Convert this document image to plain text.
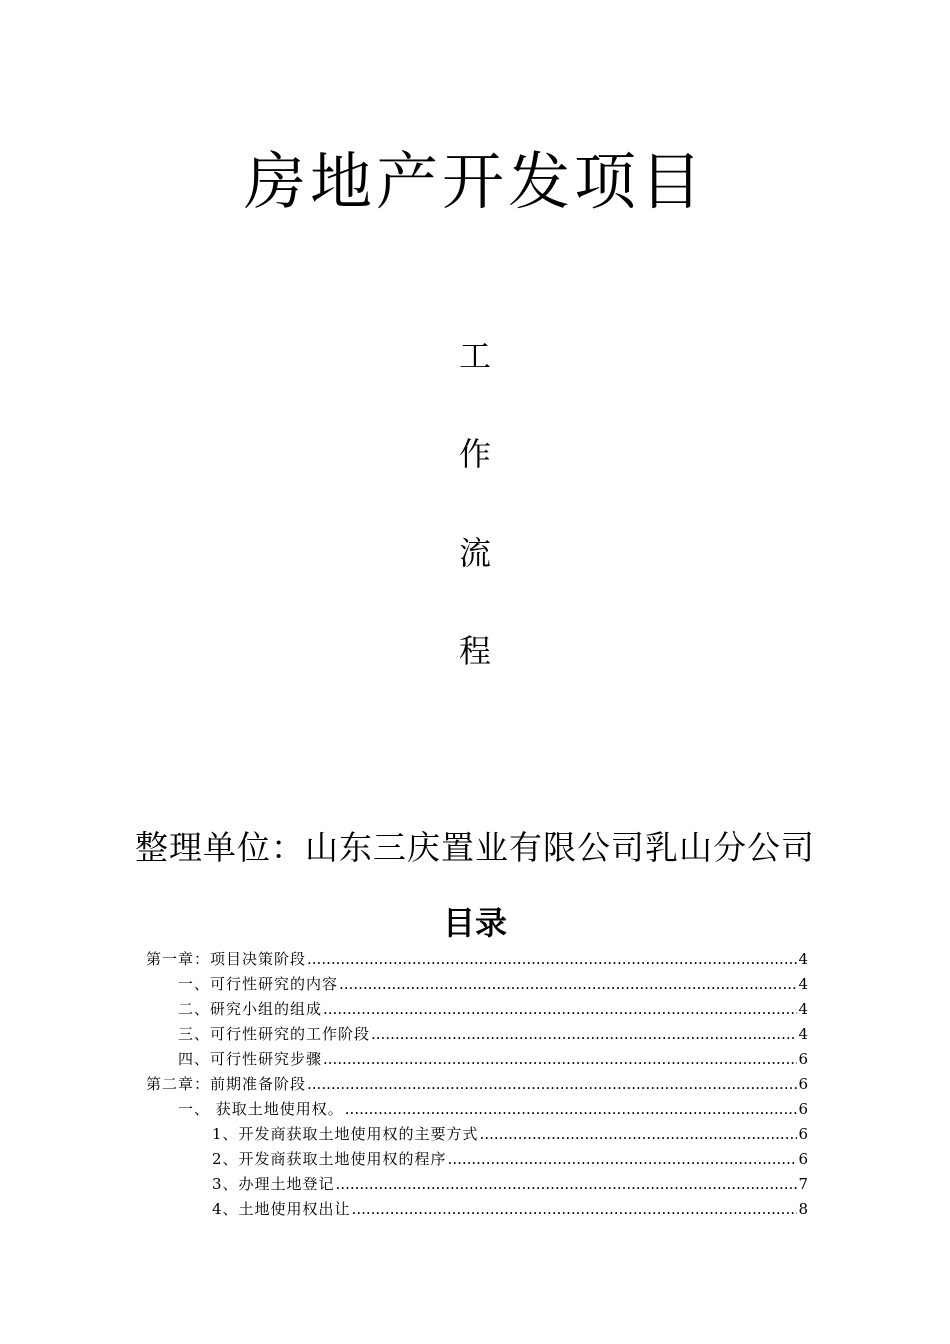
房地产开发项目
工
作
流
程
整理单位：山东三庆置业有限公司乳山分公司
目录
第一章：项目决策阶段 .....	4
一、可行性研究的内容 .....	4
二、研究小组的组成 .....	4
三、可行性研究的工作阶段 .....	4
四、可行性研究步骤 .....	6
第二章：前期准备阶段 .....	6
一、 获取土地使用权。 .....	6
1、开发商获取土地使用权的主要方式 .....	6
2、开发商获取土地使用权的程序 .....	6
3、办理土地登记 .....	7
4、土地使用权出让 .....	8
